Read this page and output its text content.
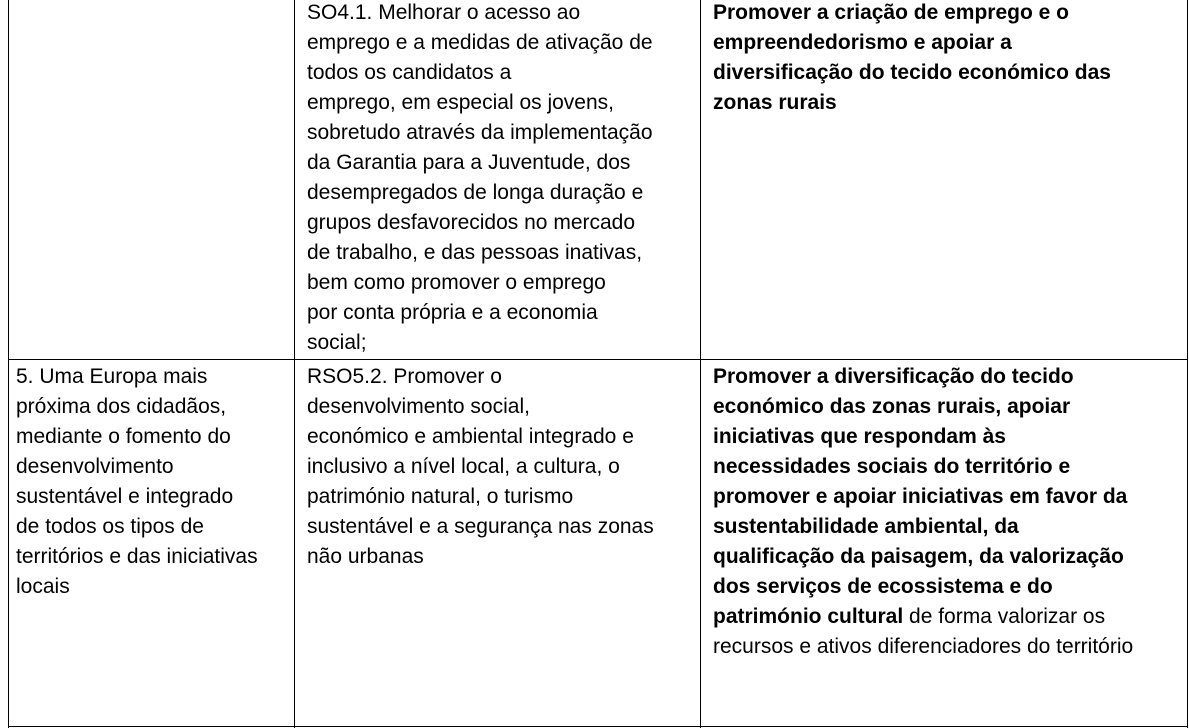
SO4.1. Melhorar o acesso ao
emprego e a medidas de ativação de
todos os candidatos a
emprego, em especial os jovens,
sobretudo através da implementação
da Garantia para a Juventude, dos
desempregados de longa duração e
grupos desfavorecidos no mercado
de trabalho, e das pessoas inativas,
bem como promover o emprego
por conta própria e a economia
social;
Promover a criação de emprego e o
empreendedorismo e apoiar a
diversificação do tecido económico das
zonas rurais
5. Uma Europa mais
próxima dos cidadãos,
mediante o fomento do
desenvolvimento
sustentável e integrado
de todos os tipos de
territórios e das iniciativas
locais
RSO5.2. Promover o
desenvolvimento social,
económico e ambiental integrado e
inclusivo a nível local, a cultura, o
património natural, o turismo
sustentável e a segurança nas zonas
não urbanas
Promover a diversificação do tecido
económico das zonas rurais, apoiar
iniciativas que respondam às
necessidades sociais do território e
promover e apoiar iniciativas em favor da
sustentabilidade ambiental, da
qualificação da paisagem, da valorização
dos serviços de ecossistema e do
património cultural de forma valorizar os
recursos e ativos diferenciadores do território
